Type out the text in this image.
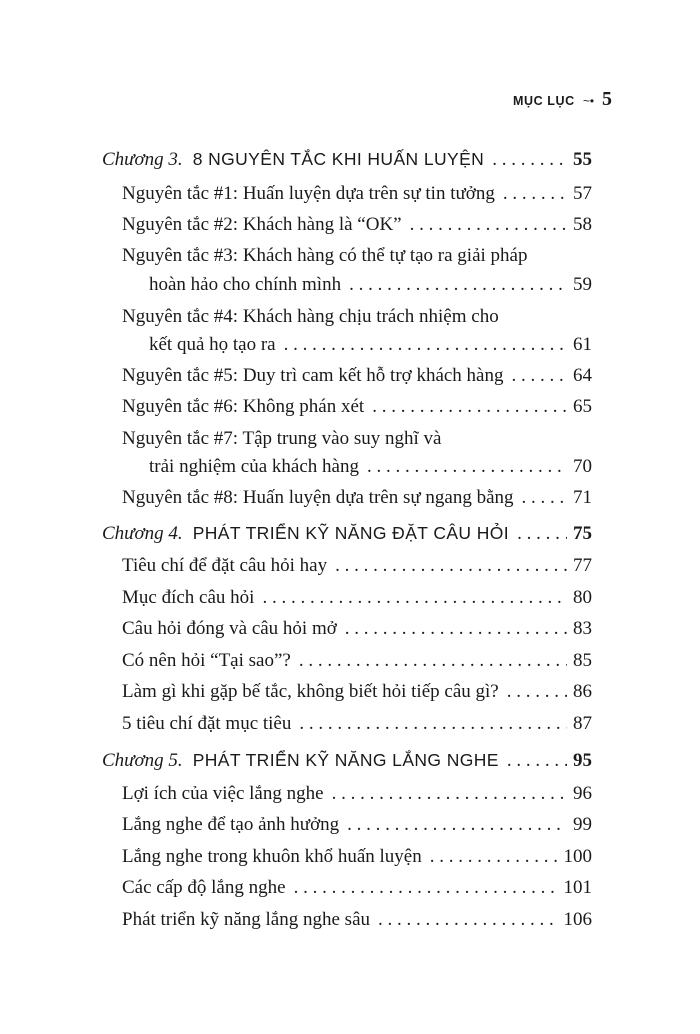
MỤC LỤC ~• 5
Chương 3. 8 NGUYÊN TẮC KHI HUẤN LUYỆN . . .	55
Nguyên tắc #1: Huấn luyện dựa trên sự tin tưởng . . .	57
Nguyên tắc #2: Khách hàng là “OK” . . .	58
Nguyên tắc #3: Khách hàng có thể tự tạo ra giải pháp
hoàn hảo cho chính mình . . .	59
Nguyên tắc #4: Khách hàng chịu trách nhiệm cho
kết quả họ tạo ra . . .	61
Nguyên tắc #5: Duy trì cam kết hỗ trợ khách hàng . . .	64
Nguyên tắc #6: Không phán xét . . .	65
Nguyên tắc #7: Tập trung vào suy nghĩ và
trải nghiệm của khách hàng . . .	70
Nguyên tắc #8: Huấn luyện dựa trên sự ngang bằng . . .	71
Chương 4. PHÁT TRIỂN KỸ NĂNG ĐẶT CÂU HỎI . . .	75
Tiêu chí để đặt câu hỏi hay . . .	77
Mục đích câu hỏi . . .	80
Câu hỏi đóng và câu hỏi mở . . .	83
Có nên hỏi “Tại sao”? . . .	85
Làm gì khi gặp bế tắc, không biết hỏi tiếp câu gì? . . .	86
5 tiêu chí đặt mục tiêu . . .	87
Chương 5. PHÁT TRIỂN KỸ NĂNG LẮNG NGHE . . .	95
Lợi ích của việc lắng nghe . . .	96
Lắng nghe để tạo ảnh hưởng . . .	99
Lắng nghe trong khuôn khổ huấn luyện . . .	100
Các cấp độ lắng nghe . . .	101
Phát triển kỹ năng lắng nghe sâu . . .	106
